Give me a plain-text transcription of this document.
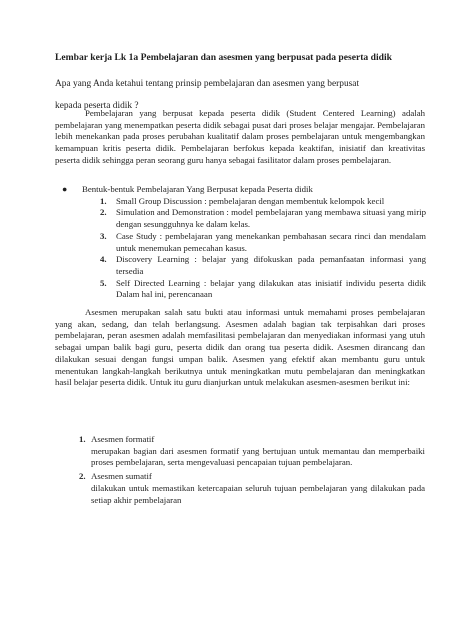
Lembar kerja Lk 1a Pembelajaran dan asesmen yang berpusat pada peserta didik

Apa yang Anda ketahui tentang prinsip pembelajaran dan asesmen yang berpusat
kepada peserta didik ?

Pembelajaran yang berpusat kepada peserta didik (Student Centered Learning) adalah pembelajaran yang menempatkan peserta didik sebagai pusat dari proses belajar mengajar. Pembelajaran lebih menekankan pada proses perubahan kualitatif dalam proses pembelajaran untuk mengembangkan kemampuan kritis peserta didik. Pembelajaran berfokus kepada keaktifan, inisiatif dan kreativitas peserta didik sehingga peran seorang guru hanya sebagai fasilitator dalam proses pembelajaran.

● Bentuk-bentuk Pembelajaran Yang Berpusat kepada Peserta didik
1. Small Group Discussion : pembelajaran dengan membentuk kelompok kecil
2. Simulation and Demonstration : model pembelajaran yang membawa situasi yang mirip dengan sesungguhnya ke dalam kelas.
3. Case Study : pembelajaran yang menekankan pembahasan secara rinci dan mendalam untuk menemukan pemecahan kasus.
4. Discovery Learning : belajar yang difokuskan pada pemanfaatan informasi yang tersedia
5. Self Directed Learning : belajar yang dilakukan atas inisiatif individu peserta didik Dalam hal ini, perencanaan

Asesmen merupakan salah satu bukti atau informasi untuk memahami proses pembelajaran yang akan, sedang, dan telah berlangsung. Asesmen adalah bagian tak terpisahkan dari proses pembelajaran, peran asesmen adalah memfasilitasi pembelajaran dan menyediakan informasi yang utuh sebagai umpan balik bagi guru, peserta didik dan orang tua peserta didik. Asesmen dirancang dan dilakukan sesuai dengan fungsi umpan balik. Asesmen yang efektif akan membantu guru untuk menentukan langkah-langkah berikutnya untuk meningkatkan mutu pembelajaran dan meningkatkan hasil belajar peserta didik. Untuk itu guru dianjurkan untuk melakukan asesmen-asesmen berikut ini:

1. Asesmen formatif
merupakan bagian dari asesmen formatif yang bertujuan untuk memantau dan memperbaiki proses pembelajaran, serta mengevaluasi pencapaian tujuan pembelajaran.
2. Asesmen sumatif
dilakukan untuk memastikan ketercapaian seluruh tujuan pembelajaran yang dilakukan pada setiap akhir pembelajaran
